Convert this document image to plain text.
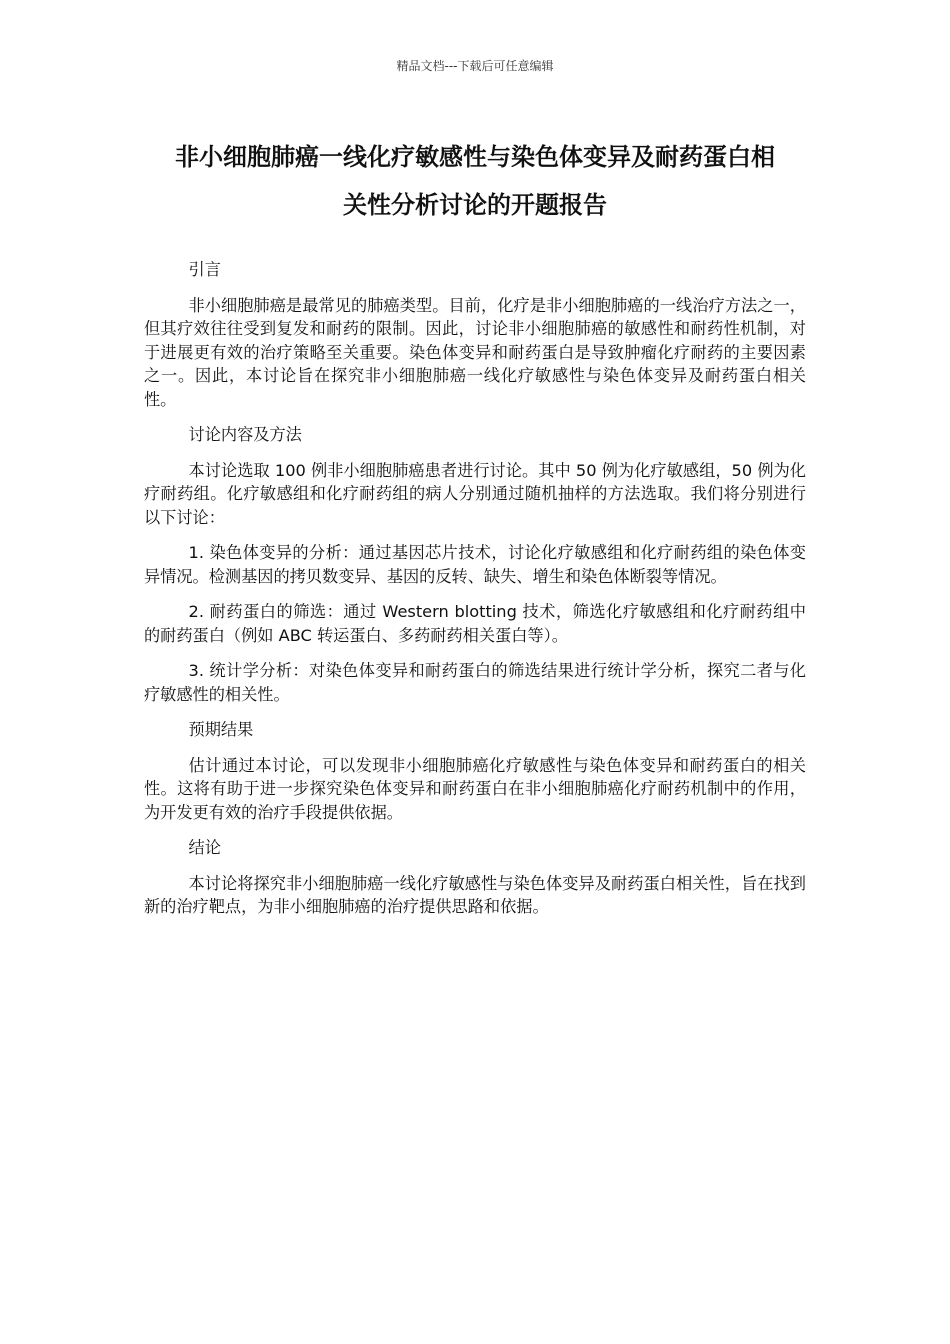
精品文档---下载后可任意编辑
非小细胞肺癌一线化疗敏感性与染色体变异及耐药蛋白相
关性分析讨论的开题报告

引言

非小细胞肺癌是最常见的肺癌类型。目前，化疗是非小细胞肺癌的一线治疗方法之一，但其疗效往往受到复发和耐药的限制。因此，讨论非小细胞肺癌的敏感性和耐药性机制，对于进展更有效的治疗策略至关重要。染色体变异和耐药蛋白是导致肿瘤化疗耐药的主要因素之一。因此，本讨论旨在探究非小细胞肺癌一线化疗敏感性与染色体变异及耐药蛋白相关性。

讨论内容及方法

本讨论选取 100 例非小细胞肺癌患者进行讨论。其中 50 例为化疗敏感组，50 例为化疗耐药组。化疗敏感组和化疗耐药组的病人分别通过随机抽样的方法选取。我们将分别进行以下讨论：

1. 染色体变异的分析：通过基因芯片技术，讨论化疗敏感组和化疗耐药组的染色体变异情况。检测基因的拷贝数变异、基因的反转、缺失、增生和染色体断裂等情况。

2. 耐药蛋白的筛选：通过 Western blotting 技术，筛选化疗敏感组和化疗耐药组中的耐药蛋白（例如 ABC 转运蛋白、多药耐药相关蛋白等）。

3. 统计学分析：对染色体变异和耐药蛋白的筛选结果进行统计学分析，探究二者与化疗敏感性的相关性。

预期结果

估计通过本讨论，可以发现非小细胞肺癌化疗敏感性与染色体变异和耐药蛋白的相关性。这将有助于进一步探究染色体变异和耐药蛋白在非小细胞肺癌化疗耐药机制中的作用，为开发更有效的治疗手段提供依据。

结论

本讨论将探究非小细胞肺癌一线化疗敏感性与染色体变异及耐药蛋白相关性，旨在找到新的治疗靶点，为非小细胞肺癌的治疗提供思路和依据。
